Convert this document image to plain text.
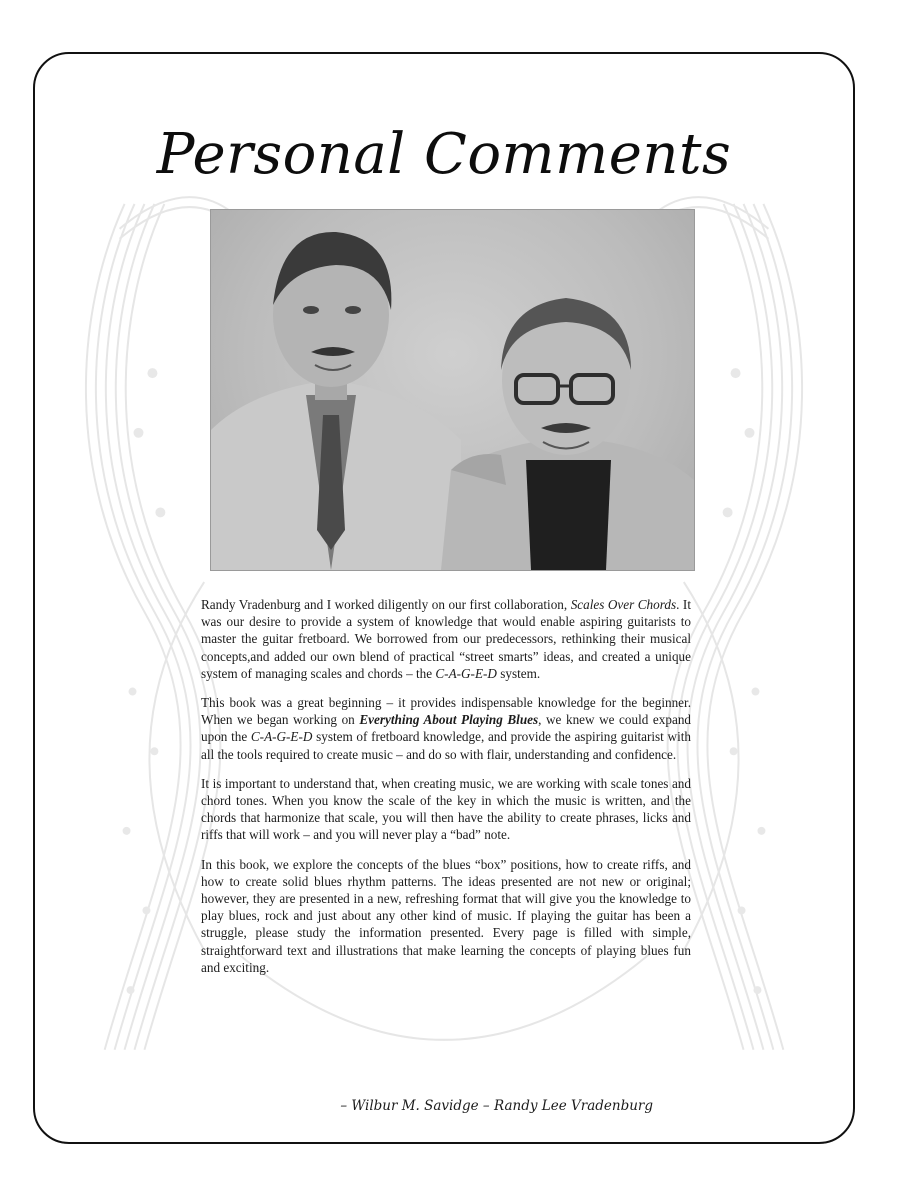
Personal Comments

Randy Vradenburg and I worked diligently on our first collaboration, Scales Over Chords. It was our desire to provide a system of knowledge that would enable aspiring guitarists to master the guitar fretboard. We borrowed from our predecessors, rethinking their musical concepts,and added our own blend of practical “street smarts” ideas, and created a unique system of managing scales and chords – the C-A-G-E-D system.

This book was a great beginning – it provides indispensable knowledge for the beginner. When we began working on Everything About Playing Blues, we knew we could expand upon the C-A-G-E-D system of fretboard knowledge, and provide the aspiring guitarist with all the tools required to create music – and do so with flair, understanding and confidence.

It is important to understand that, when creating music, we are working with scale tones and chord tones. When you know the scale of the key in which the music is written, and the chords that harmonize that scale, you will then have the ability to create phrases, licks and riffs that will work – and you will never play a “bad” note.

In this book, we explore the concepts of the blues “box” positions, how to create riffs, and how to create solid blues rhythm patterns. The ideas presented are not new or original; however, they are presented in a new, refreshing format that will give you the knowledge to play blues, rock and just about any other kind of music. If playing the guitar has been a struggle, please study the information presented. Every page is filled with simple, straightforward text and illustrations that make learning the concepts of playing blues fun and exciting.

– Wilbur M. Savidge – Randy Lee Vradenburg
